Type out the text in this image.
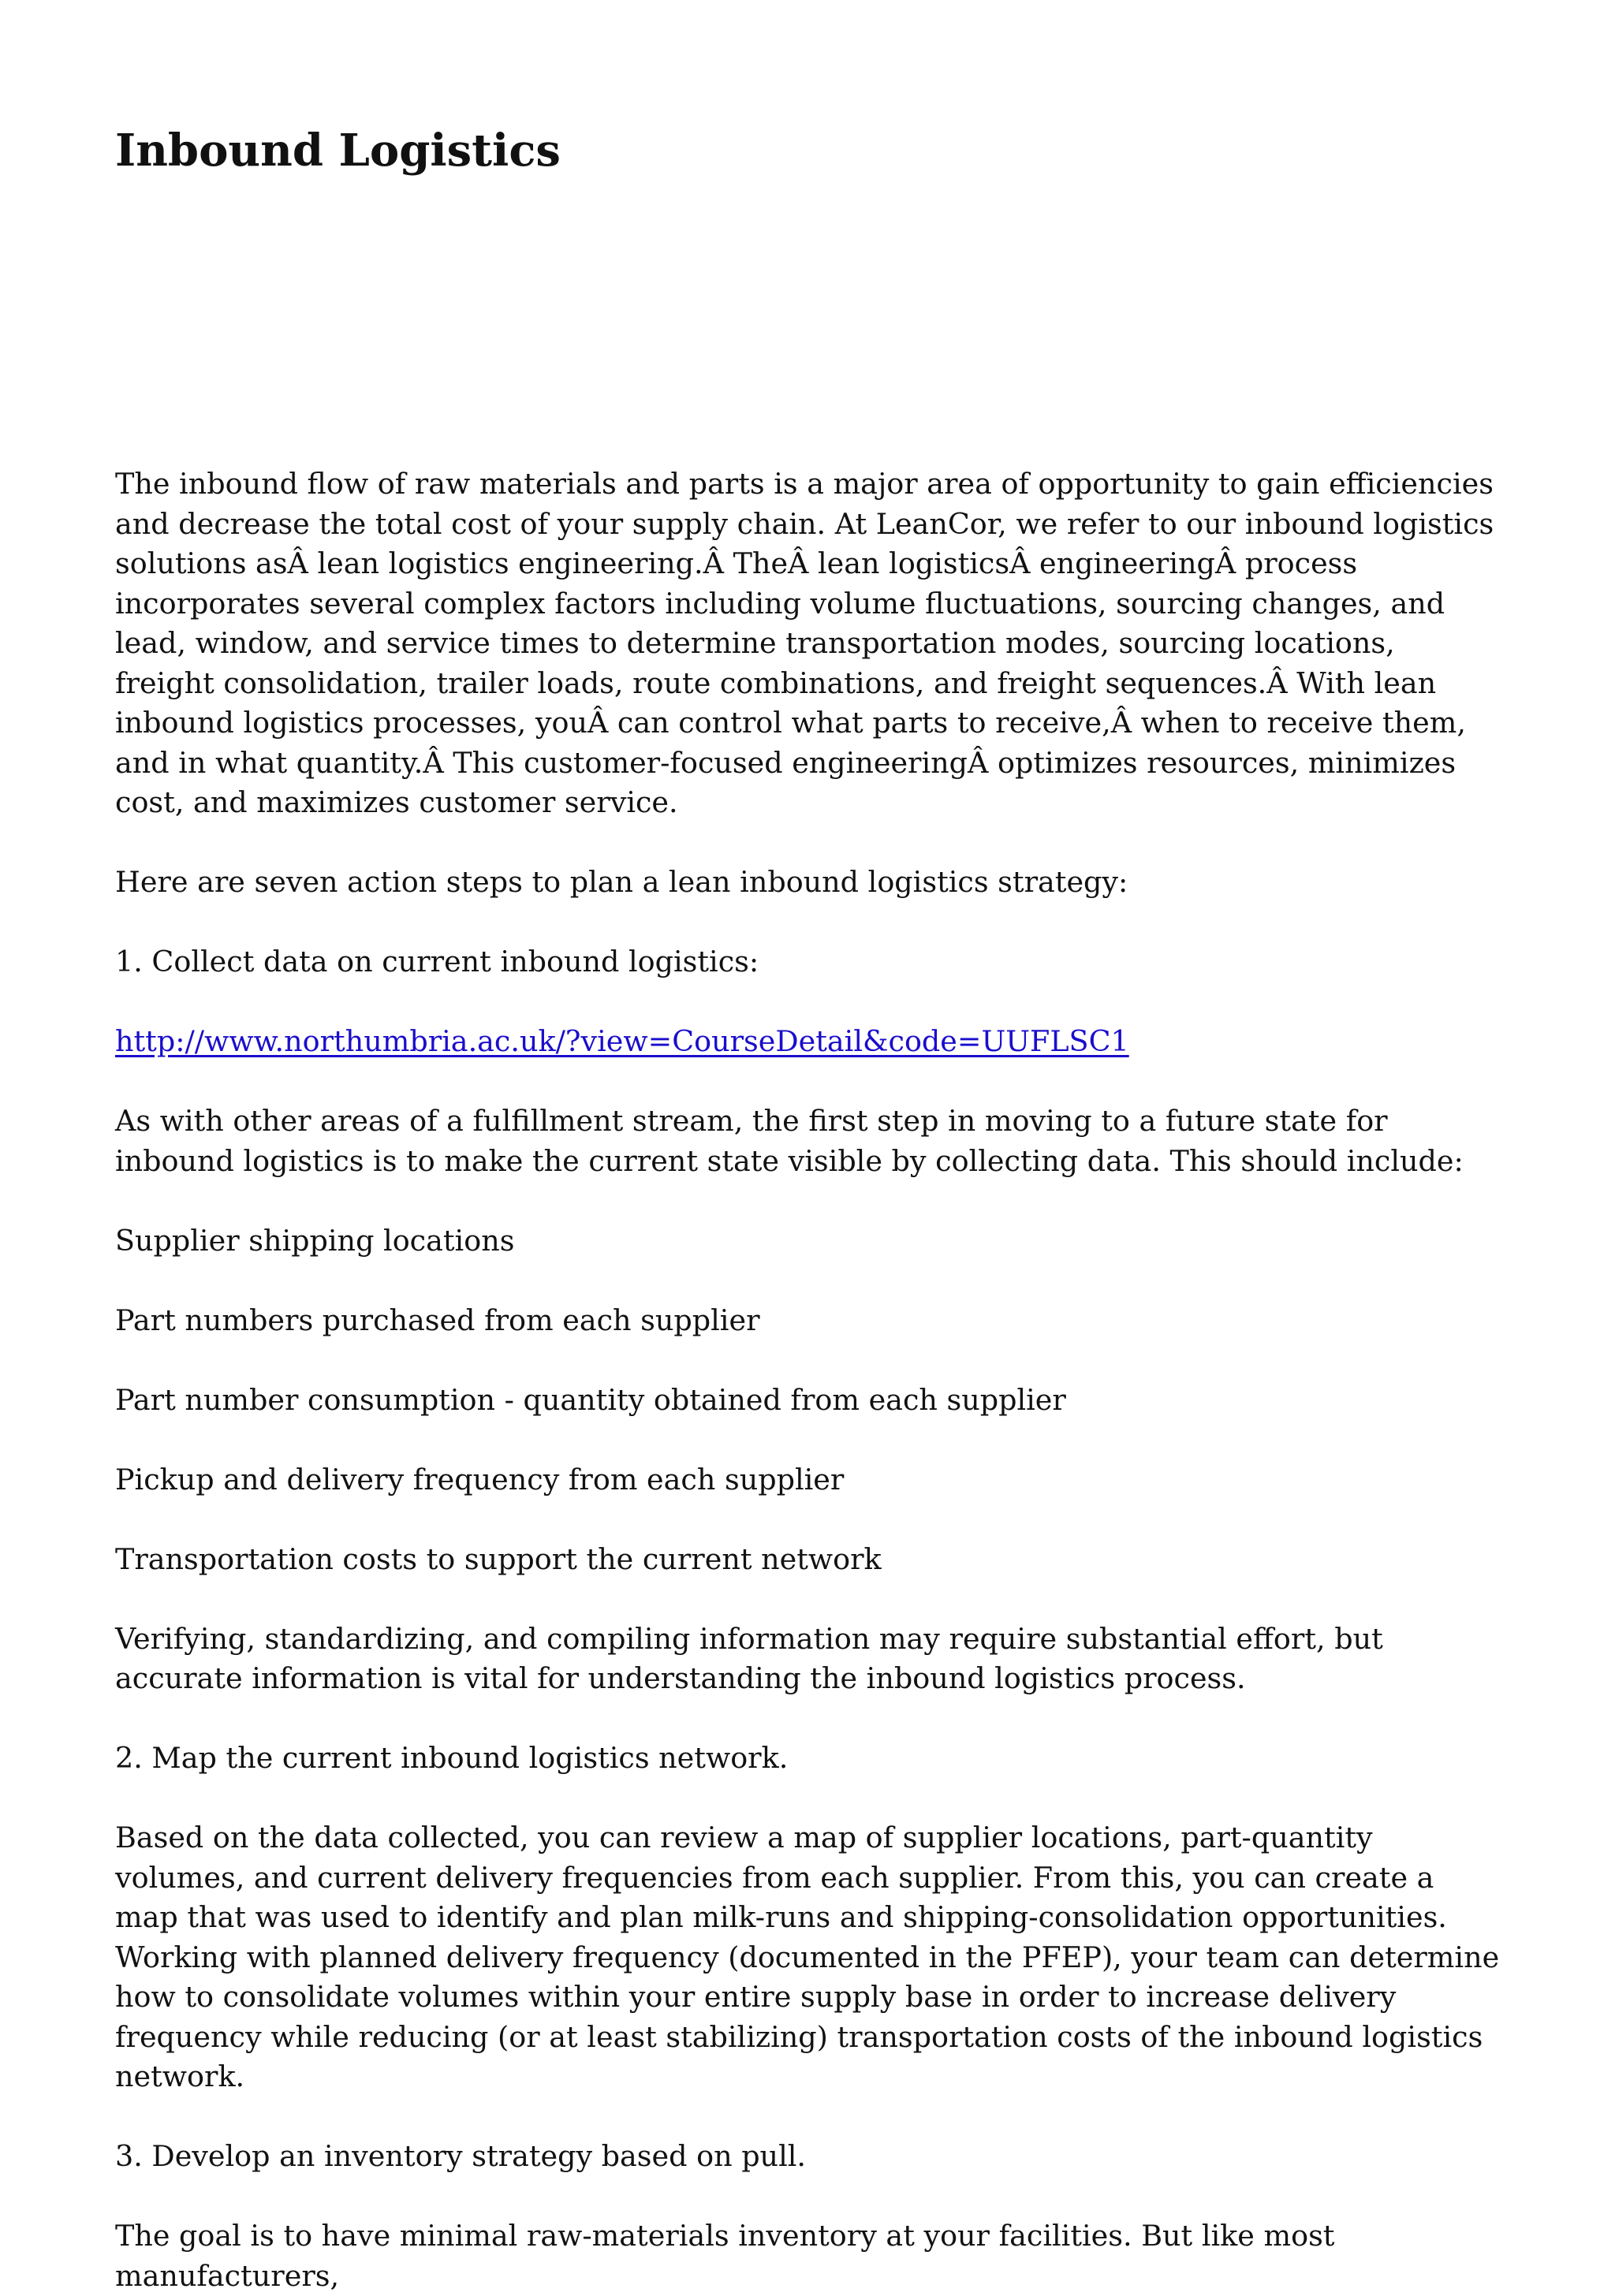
Inbound Logistics

The inbound flow of raw materials and parts is a major area of opportunity to gain efficiencies and decrease the total cost of your supply chain. At LeanCor, we refer to our inbound logistics solutions asÂ lean logistics engineering.Â TheÂ lean logisticsÂ engineeringÂ process incorporates several complex factors including volume fluctuations, sourcing changes, and lead, window, and service times to determine transportation modes, sourcing locations, freight consolidation, trailer loads, route combinations, and freight sequences.Â With lean inbound logistics processes, youÂ can control what parts to receive,Â when to receive them, and in what quantity.Â This customer-focused engineeringÂ optimizes resources, minimizes cost, and maximizes customer service.

Here are seven action steps to plan a lean inbound logistics strategy:

1. Collect data on current inbound logistics:

http://www.northumbria.ac.uk/?view=CourseDetail&code=UUFLSC1

As with other areas of a fulfillment stream, the first step in moving to a future state for inbound logistics is to make the current state visible by collecting data. This should include:

Supplier shipping locations

Part numbers purchased from each supplier

Part number consumption - quantity obtained from each supplier

Pickup and delivery frequency from each supplier

Transportation costs to support the current network

Verifying, standardizing, and compiling information may require substantial effort, but accurate information is vital for understanding the inbound logistics process.

2. Map the current inbound logistics network.

Based on the data collected, you can review a map of supplier locations, part-quantity volumes, and current delivery frequencies from each supplier. From this, you can create a map that was used to identify and plan milk-runs and shipping-consolidation opportunities. Working with planned delivery frequency (documented in the PFEP), your team can determine how to consolidate volumes within your entire supply base in order to increase delivery frequency while reducing (or at least stabilizing) transportation costs of the inbound logistics network.

3. Develop an inventory strategy based on pull.

The goal is to have minimal raw-materials inventory at your facilities. But like most manufacturers,
